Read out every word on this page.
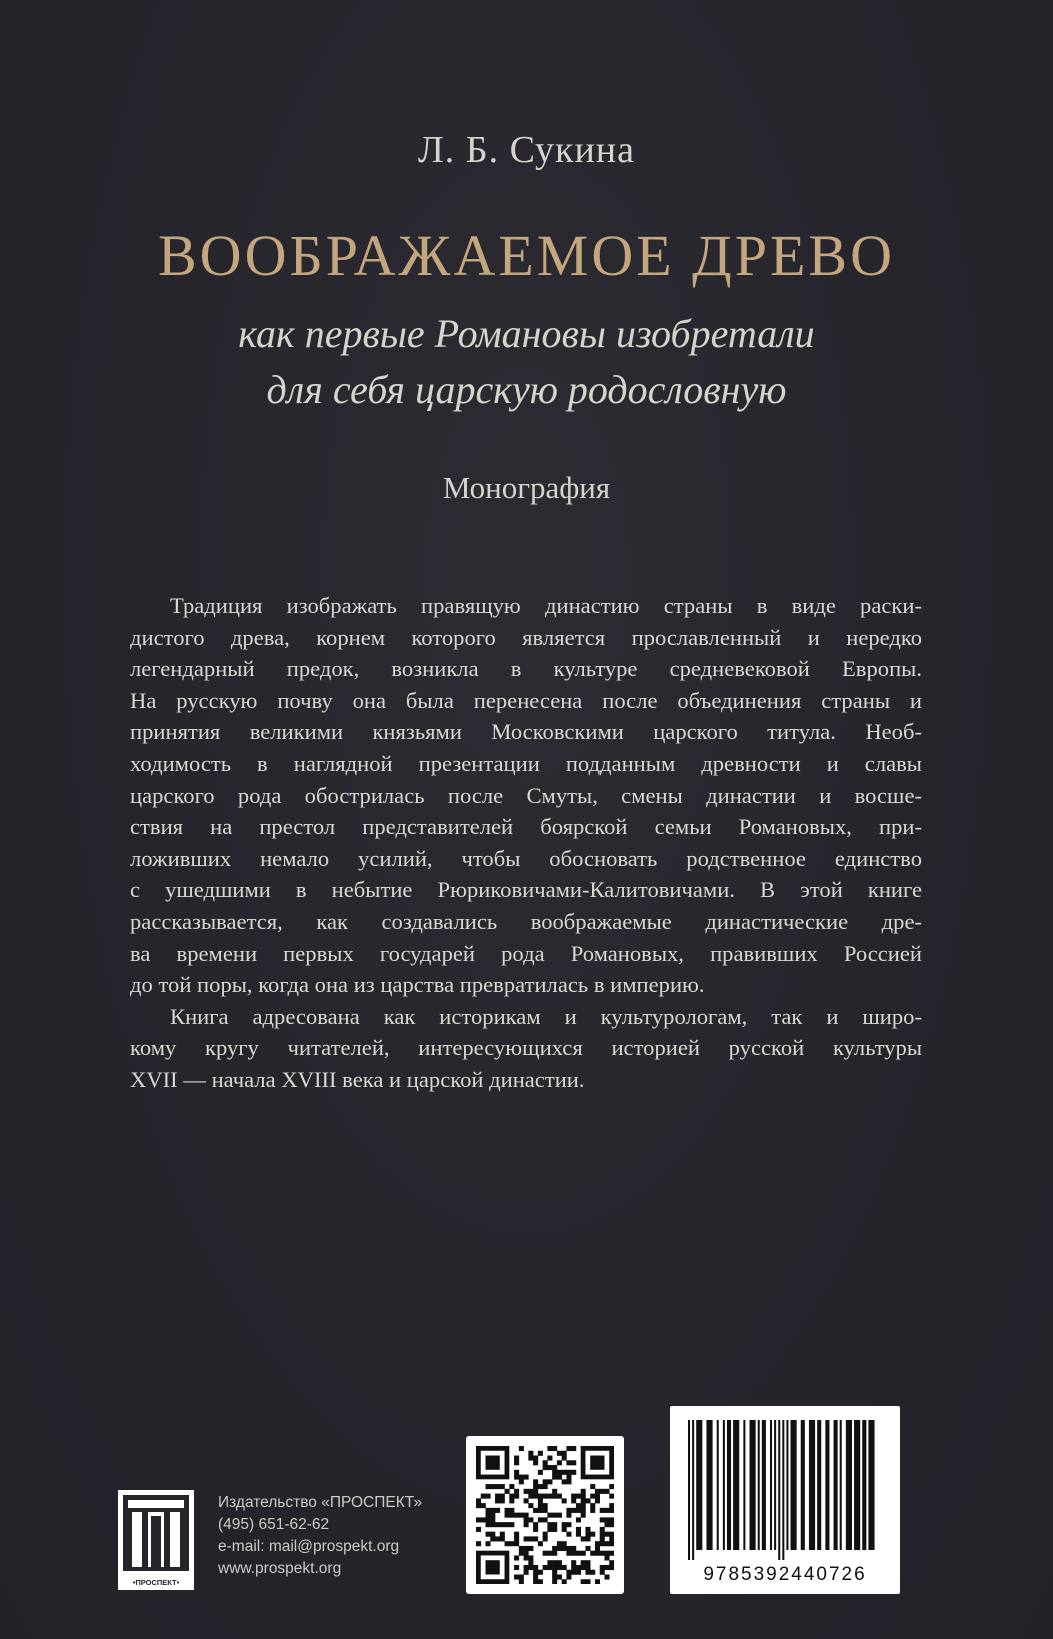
Л. Б. Сукина
ВООБРАЖАЕМОЕ ДРЕВО
как первые Романовы изобретали
для себя царскую родословную
Монография
Традиция изображать правящую династию страны в виде раски-
дистого древа, корнем которого является прославленный и нередко
легендарный предок, возникла в культуре средневековой Европы.
На русскую почву она была перенесена после объединения страны и
принятия великими князьями Московскими царского титула. Необ-
ходимость в наглядной презентации подданным древности и славы
царского рода обострилась после Смуты, смены династии и восше-
ствия на престол представителей боярской семьи Романовых, при-
ложивших немало усилий, чтобы обосновать родственное единство
с ушедшими в небытие Рюриковичами-Калитовичами. В этой книге
рассказывается, как создавались воображаемые династические дре-
ва времени первых государей рода Романовых, правивших Россией
до той поры, когда она из царства превратилась в империю.
Книга адресована как историкам и культурологам, так и широ-
кому кругу читателей, интересующихся историей русской культуры
XVII — начала XVIII века и царской династии.
•ПРОСПЕКТ•
Издательство «ПРОСПЕКТ»
(495) 651-62-62
e-mail: mail@prospekt.org
www.prospekt.org	9785392440726
